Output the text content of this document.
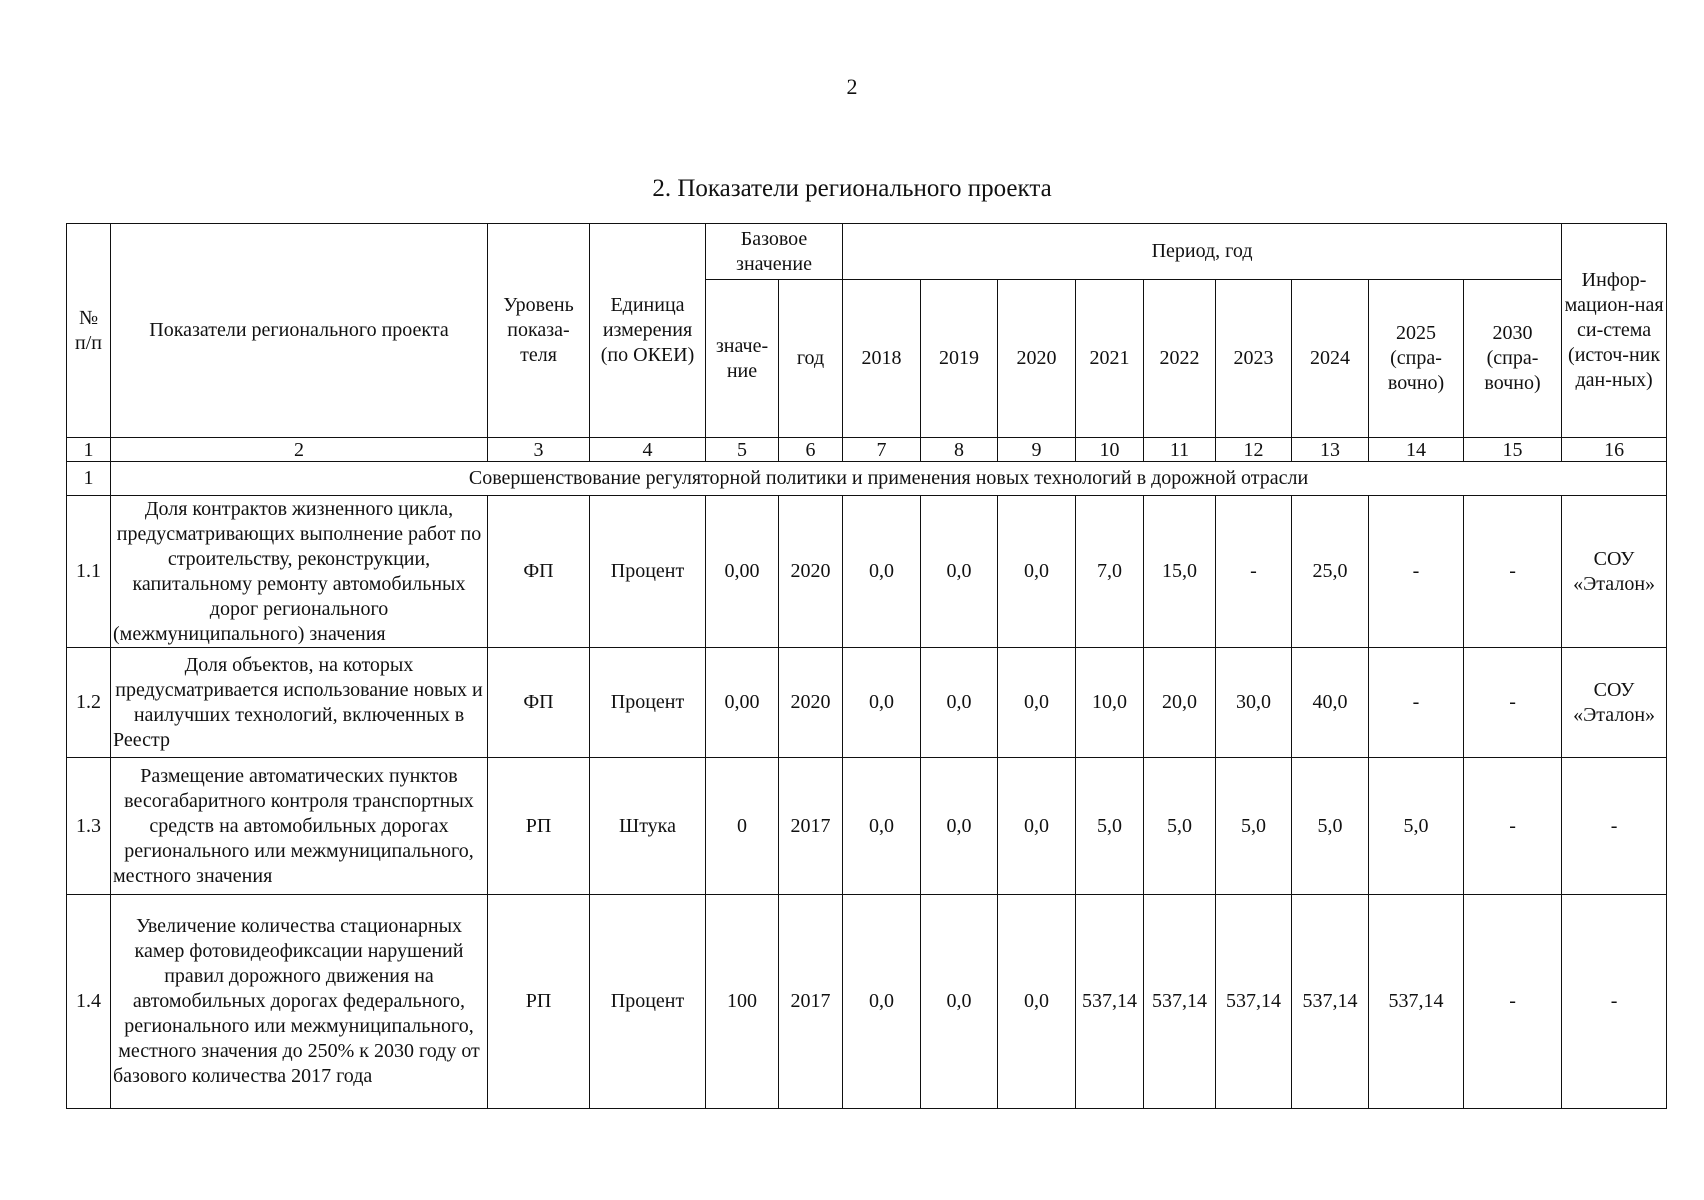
2
2. Показатели регионального проекта
№ п/п	Показатели регионального проекта	Уровень показа-теля	Единица измерения (по ОКЕИ)	Базовое значение		Период, год									Инфор-мацион-ная си-стема (источ-ник дан-ных)
				значе-ние	год	2018	2019	2020	2021	2022	2023	2024	2025 (спра-вочно)	2030 (спра-вочно)	
1	2	3	4	5	6	7	8	9	10	11	12	13	14	15	16
1	Совершенствование регуляторной политики и применения новых технологий в дорожной отрасли														
1.1	Доля контрактов жизненного цикла, предусматривающих выполнение работ по строительству, реконструкции, капитальному ремонту автомобильных дорог регионального (межмуниципального) значения	ФП	Процент	0,00	2020	0,0	0,0	0,0	7,0	15,0	-	25,0	-	-	СОУ «Эталон»
1.2	Доля объектов, на которых предусматривается использование новых и наилучших технологий, включенных в Реестр	ФП	Процент	0,00	2020	0,0	0,0	0,0	10,0	20,0	30,0	40,0	-	-	СОУ «Эталон»
1.3	Размещение автоматических пунктов весогабаритного контроля транспортных средств на автомобильных дорогах регионального или межмуниципального, местного значения	РП	Штука	0	2017	0,0	0,0	0,0	5,0	5,0	5,0	5,0	5,0	-	-
1.4	Увеличение количества стационарных камер фотовидеофиксации нарушений правил дорожного движения на автомобильных дорогах федерального, регионального или межмуниципального, местного значения до 250% к 2030 году от базового количества 2017 года	РП	Процент	100	2017	0,0	0,0	0,0	537,14	537,14	537,14	537,14	537,14	-	-
